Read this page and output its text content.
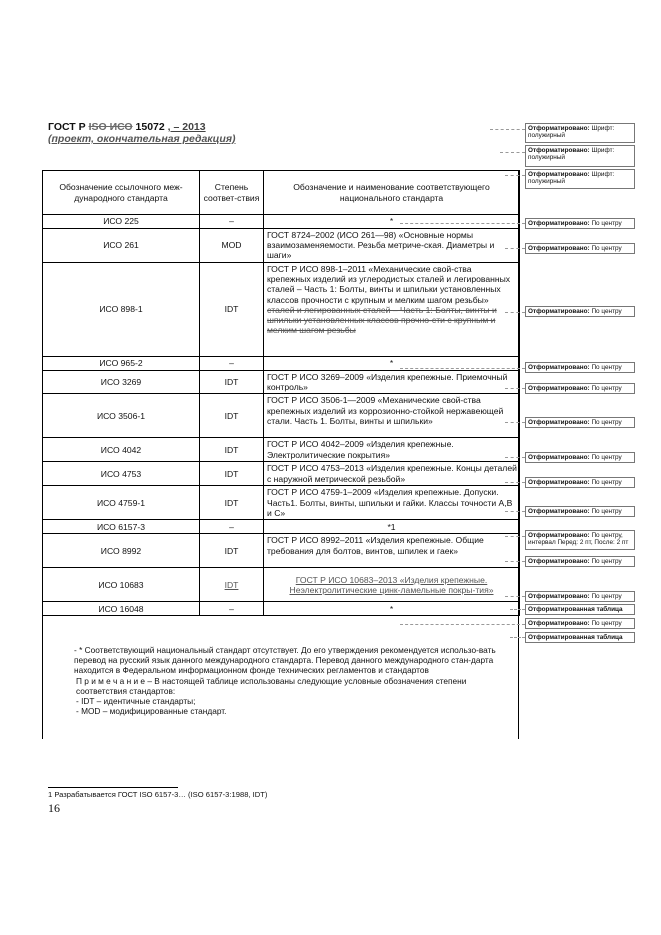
ГОСТ Р ISO ИСО 15072 , – 2013
(проект, окончательная редакция)
Обозначение ссылочного меж-дународного стандарта	Степень соответ-ствия	Обозначение и наименование соответствующего национального стандарта
ИСО 225	–	*
ИСО 261	MOD	ГОСТ 8724–2002 (ИСО 261—98) «Основные нормы взаимозаменяемости. Резьба метриче-ская. Диаметры и шаги»
ИСО 898-1	IDT	ГОСТ Р ИСО 898-1–2011 «Механические свой-ства крепежных изделий из углеродистых сталей и легированных сталей – Часть 1: Болты, винты и шпильки установленных классов прочности с крупным и мелким шагом резьбы»
сталей и легированных сталей – Часть 1: Болты, винты и шпильки установленных классов прочно-сти с крупным и мелким шагом резьбы

ИСО 965-2	–	*
ИСО 3269	IDT	ГОСТ Р ИСО 3269–2009 «Изделия крепежные. Приемочный контроль»
ИСО 3506-1	IDT	ГОСТ Р ИСО 3506-1—2009 «Механические свой-ства крепежных изделий из коррозионно-стойкой нержавеющей стали. Часть 1. Болты, винты и шпильки»
ИСО 4042	IDT	ГОСТ Р ИСО 4042–2009 «Изделия крепежные. Электролитические покрытия»
ИСО 4753	IDT	ГОСТ Р ИСО 4753–2013 «Изделия крепежные. Концы деталей с наружной метрической резьбой»
ИСО 4759-1	IDT	ГОСТ Р ИСО 4759-1–2009 «Изделия крепежные. Допуски. Часть1. Болты, винты, шпильки и гайки. Классы точности A,B и C»
ИСО 6157-3	–	*1
ИСО 8992	IDT	ГОСТ Р ИСО 8992–2011 «Изделия крепежные. Общие требования для болтов, винтов, шпилек и гаек»
ИСО 10683	IDT	ГОСТ Р ИСО 10683–2013 «Изделия крепежные. Неэлектролитические цинк-ламельные покры-тия»
ИСО 16048	–	*

- * Соответствующий национальный стандарт отсутствует. До его утверждения рекомендуется использо-вать перевод на русский язык данного международного стандарта. Перевод данного международного стан-дарта находится в Федеральном информационном фонде технических регламентов и стандартов

П р и м е ч а н и е – В настоящей таблице использованы следующие условные обозначения степени соответствия стандартов:

- IDT – идентичные стандарты;

- MOD – модифицированные стандарт.

1 Разрабатывается ГОСТ ISO 6157-3… (ISO 6157-3:1988, IDT)
16
Отформатировано: Шрифт: полужирный
Отформатировано: Шрифт: полужирный
Отформатировано: Шрифт: полужирный
Отформатировано: По центру
Отформатировано: По центру
Отформатировано: По центру
Отформатировано: По центру
Отформатировано: По центру
Отформатировано: По центру
Отформатировано: По центру
Отформатировано: По центру
Отформатировано: По центру
Отформатировано: По центру, интервал Перед: 2 пт, После: 2 пт
Отформатировано: По центру
Отформатировано: По центру
Отформатированная таблица
Отформатировано: По центру
Отформатированная таблица
